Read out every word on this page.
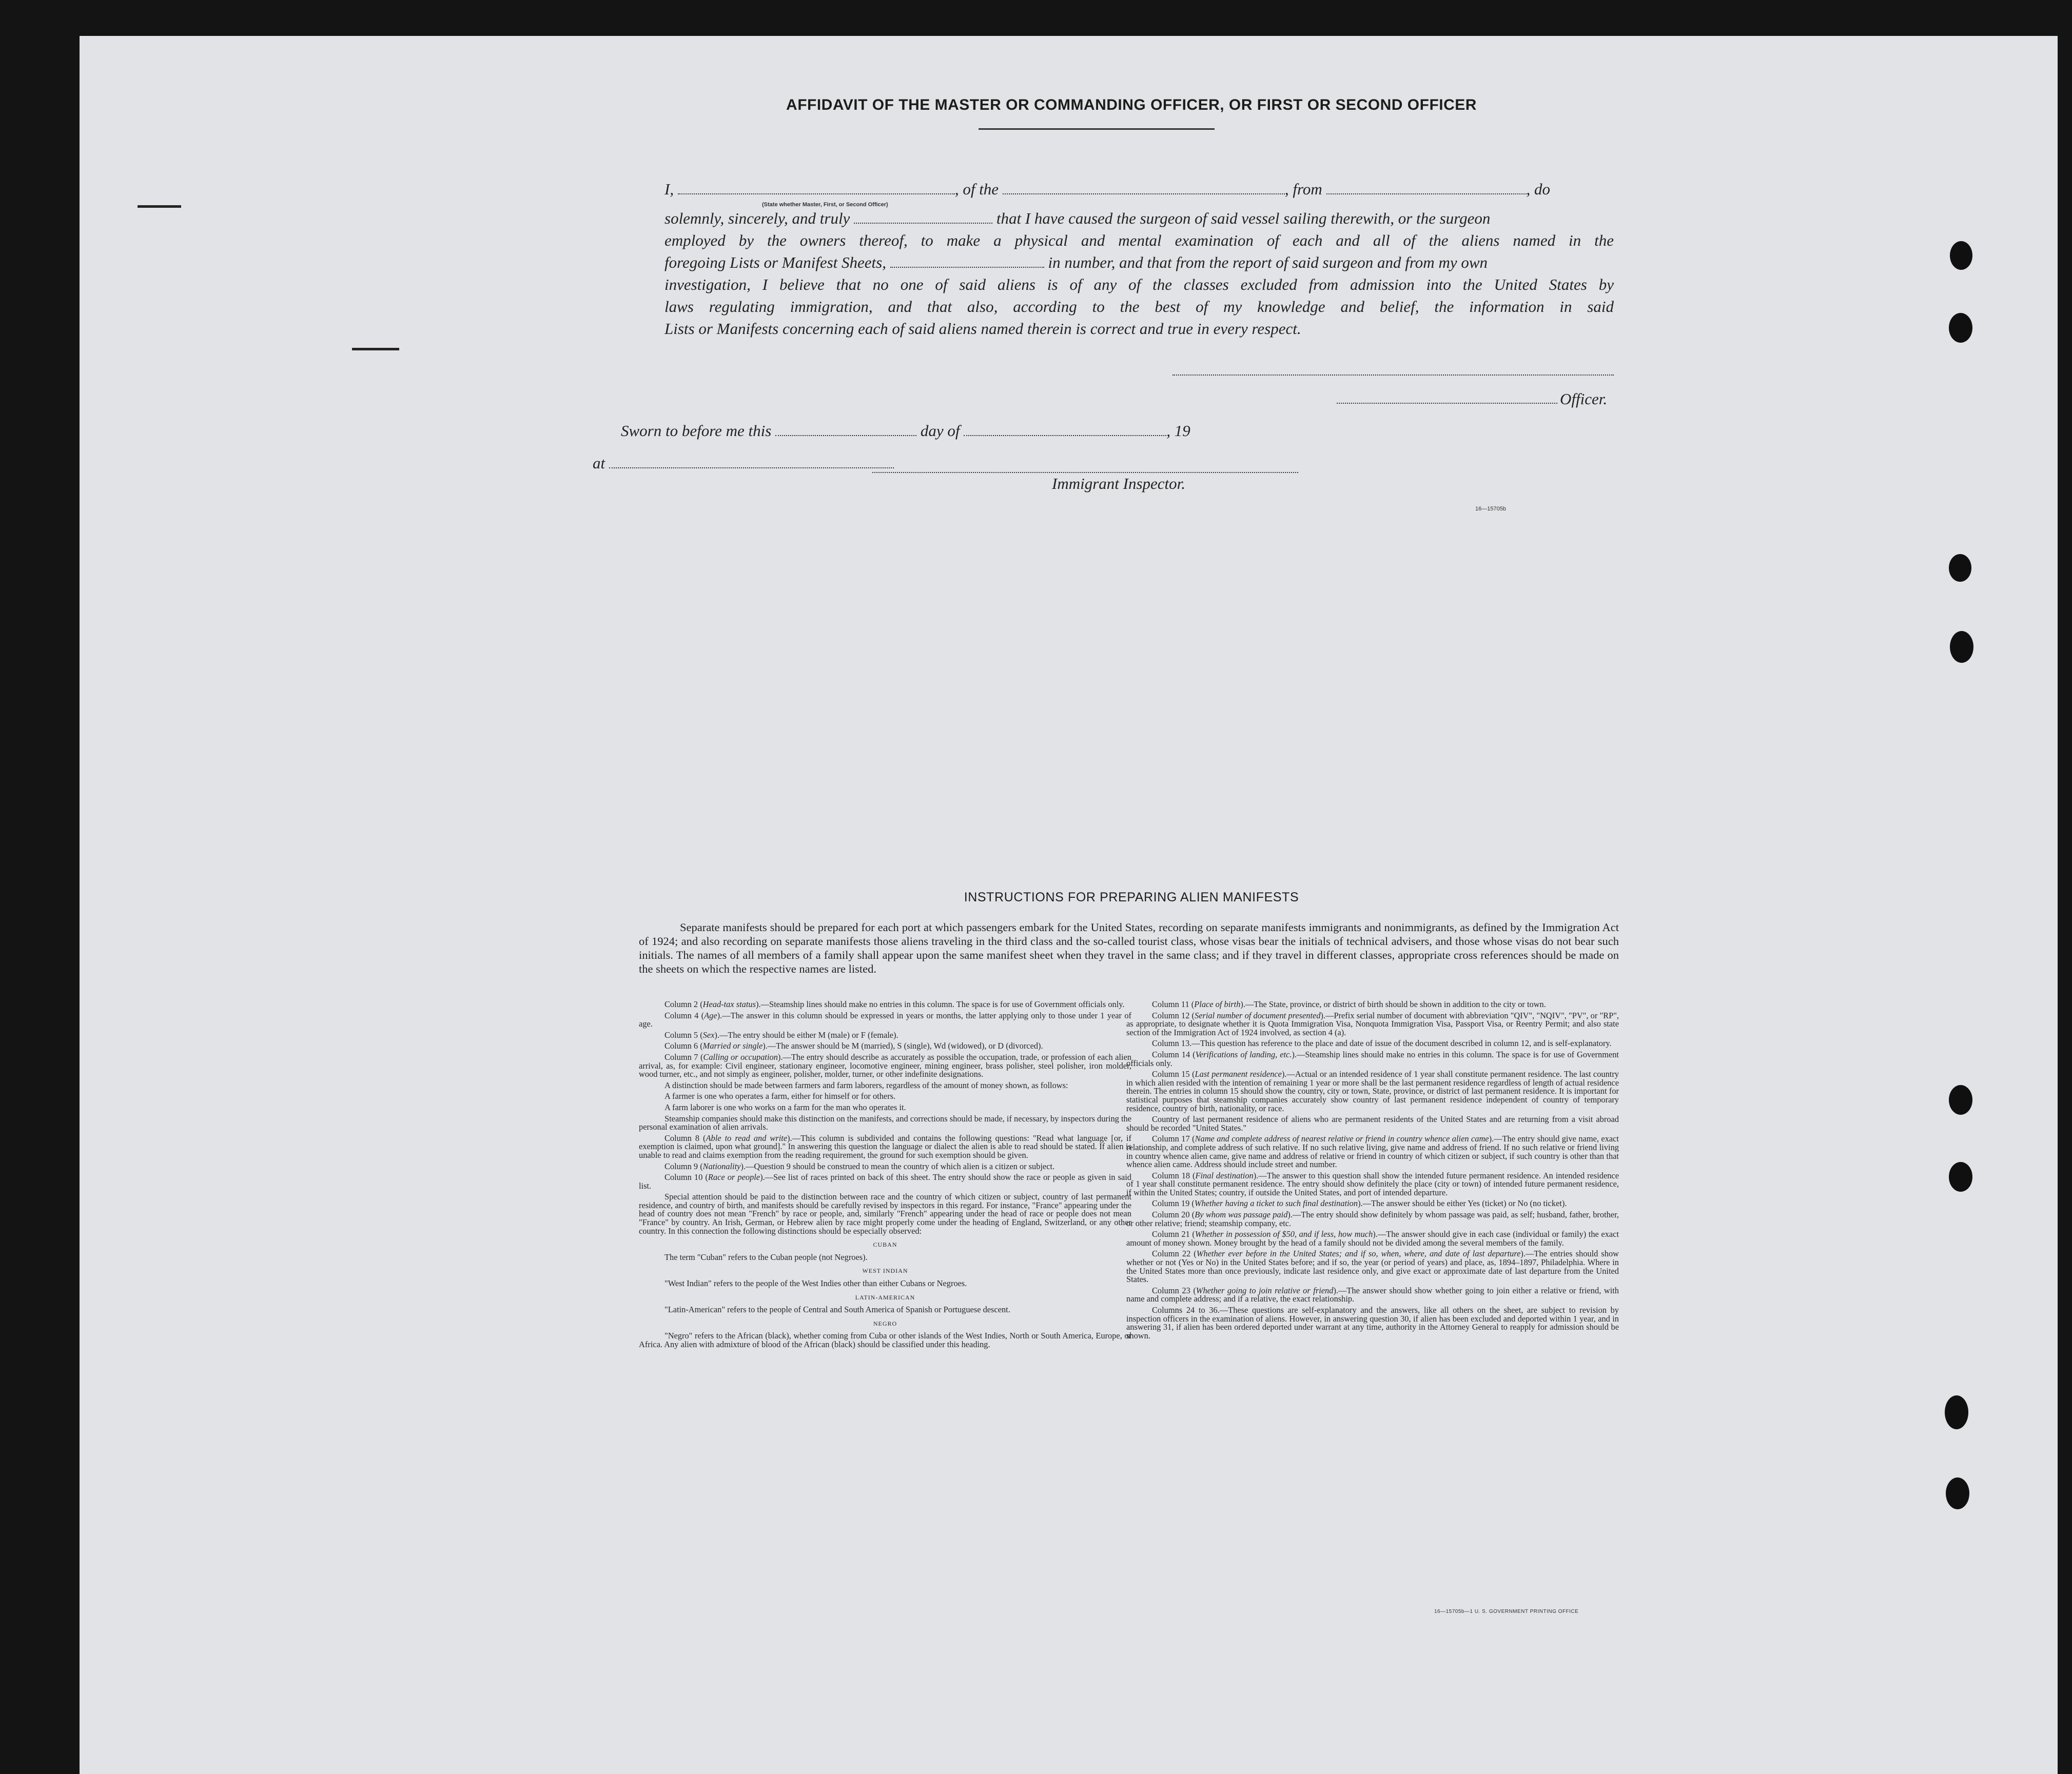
AFFIDAVIT OF THE MASTER OR COMMANDING OFFICER, OR FIRST OR SECOND OFFICER
I,	, of the	, from	, do
(State whether Master, First, or Second Officer)
solemnly, sincerely, and truly	that I have caused the surgeon of said vessel sailing therewith, or the surgeon
employed by the owners thereof, to make a physical and mental examination of each and all of the aliens named in the
foregoing Lists or Manifest Sheets,	in number, and that from the report of said surgeon and from my own
investigation, I believe that no one of said aliens is of any of the classes excluded from admission into the United States by
laws regulating immigration, and that also, according to the best of my knowledge and belief, the information in said
Lists or Manifests concerning each of said aliens named therein is correct and true in every respect.
Officer.
Sworn to before me this	day of	, 19
at
Immigrant Inspector.
16—15705b
INSTRUCTIONS FOR PREPARING ALIEN MANIFESTS
Separate manifests should be prepared for each port at which passengers embark for the United States, recording on separate manifests immigrants and nonimmigrants, as defined by the Immigration Act of 1924; and also recording on separate manifests those aliens traveling in the third class and the so-called tourist class, whose visas bear the initials of technical advisers, and those whose visas do not bear such initials. The names of all members of a family shall appear upon the same manifest sheet when they travel in the same class; and if they travel in different classes, appropriate cross references should be made on the sheets on which the respective names are listed.

Column 2 (Head-tax status).—Steamship lines should make no entries in this column. The space is for use of Government officials only.

Column 4 (Age).—The answer in this column should be expressed in years or months, the latter applying only to those under 1 year of age.

Column 5 (Sex).—The entry should be either M (male) or F (female).

Column 6 (Married or single).—The answer should be M (married), S (single), Wd (widowed), or D (divorced).

Column 7 (Calling or occupation).—The entry should describe as accurately as possible the occupation, trade, or profession of each alien arrival, as, for example: Civil engineer, stationary engineer, locomotive engineer, mining engineer, brass polisher, steel polisher, iron molder, wood turner, etc., and not simply as engineer, polisher, molder, turner, or other indefinite designations.

A distinction should be made between farmers and farm laborers, regardless of the amount of money shown, as follows:

A farmer is one who operates a farm, either for himself or for others.

A farm laborer is one who works on a farm for the man who operates it.

Steamship companies should make this distinction on the manifests, and corrections should be made, if necessary, by inspectors during the personal examination of alien arrivals.

Column 8 (Able to read and write).—This column is subdivided and contains the following questions: "Read what language [or, if exemption is claimed, upon what ground]." In answering this question the language or dialect the alien is able to read should be stated. If alien is unable to read and claims exemption from the reading requirement, the ground for such exemption should be given.

Column 9 (Nationality).—Question 9 should be construed to mean the country of which alien is a citizen or subject.

Column 10 (Race or people).—See list of races printed on back of this sheet. The entry should show the race or people as given in said list.

Special attention should be paid to the distinction between race and the country of which citizen or subject, country of last permanent residence, and country of birth, and manifests should be carefully revised by inspectors in this regard. For instance, "France" appearing under the head of country does not mean "French" by race or people, and, similarly "French" appearing under the head of race or people does not mean "France" by country. An Irish, German, or Hebrew alien by race might properly come under the heading of England, Switzerland, or any other country. In this connection the following distinctions should be especially observed:

CUBAN

The term "Cuban" refers to the Cuban people (not Negroes).

WEST INDIAN

"West Indian" refers to the people of the West Indies other than either Cubans or Negroes.

LATIN-AMERICAN

"Latin-American" refers to the people of Central and South America of Spanish or Portuguese descent.

NEGRO

"Negro" refers to the African (black), whether coming from Cuba or other islands of the West Indies, North or South America, Europe, or Africa. Any alien with admixture of blood of the African (black) should be classified under this heading.

Column 11 (Place of birth).—The State, province, or district of birth should be shown in addition to the city or town.

Column 12 (Serial number of document presented).—Prefix serial number of document with abbreviation "QIV", "NQIV", "PV", or "RP", as appropriate, to designate whether it is Quota Immigration Visa, Nonquota Immigration Visa, Passport Visa, or Reentry Permit; and also state section of the Immigration Act of 1924 involved, as section 4 (a).

Column 13.—This question has reference to the place and date of issue of the document described in column 12, and is self-explanatory.

Column 14 (Verifications of landing, etc.).—Steamship lines should make no entries in this column. The space is for use of Government officials only.

Column 15 (Last permanent residence).—Actual or an intended residence of 1 year shall constitute permanent residence. The last country in which alien resided with the intention of remaining 1 year or more shall be the last permanent residence regardless of length of actual residence therein. The entries in column 15 should show the country, city or town, State, province, or district of last permanent residence. It is important for statistical purposes that steamship companies accurately show country of last permanent residence independent of country of temporary residence, country of birth, nationality, or race.

Country of last permanent residence of aliens who are permanent residents of the United States and are returning from a visit abroad should be recorded "United States."

Column 17 (Name and complete address of nearest relative or friend in country whence alien came).—The entry should give name, exact relationship, and complete address of such relative. If no such relative living, give name and address of friend. If no such relative or friend living in country whence alien came, give name and address of relative or friend in country of which citizen or subject, if such country is other than that whence alien came. Address should include street and number.

Column 18 (Final destination).—The answer to this question shall show the intended future permanent residence. An intended residence of 1 year shall constitute permanent residence. The entry should show definitely the place (city or town) of intended future permanent residence, if within the United States; country, if outside the United States, and port of intended departure.

Column 19 (Whether having a ticket to such final destination).—The answer should be either Yes (ticket) or No (no ticket).

Column 20 (By whom was passage paid).—The entry should show definitely by whom passage was paid, as self; husband, father, brother, or other relative; friend; steamship company, etc.

Column 21 (Whether in possession of $50, and if less, how much).—The answer should give in each case (individual or family) the exact amount of money shown. Money brought by the head of a family should not be divided among the several members of the family.

Column 22 (Whether ever before in the United States; and if so, when, where, and date of last departure).—The entries should show whether or not (Yes or No) in the United States before; and if so, the year (or period of years) and place, as, 1894–1897, Philadelphia. Where in the United States more than once previously, indicate last residence only, and give exact or approximate date of last departure from the United States.

Column 23 (Whether going to join relative or friend).—The answer should show whether going to join either a relative or friend, with name and complete address; and if a relative, the exact relationship.

Columns 24 to 36.—These questions are self-explanatory and the answers, like all others on the sheet, are subject to revision by inspection officers in the examination of aliens. However, in answering question 30, if alien has been excluded and deported within 1 year, and in answering 31, if alien has been ordered deported under warrant at any time, authority in the Attorney General to reapply for admission should be shown.

16—15705b—1 U. S. GOVERNMENT PRINTING OFFICE
